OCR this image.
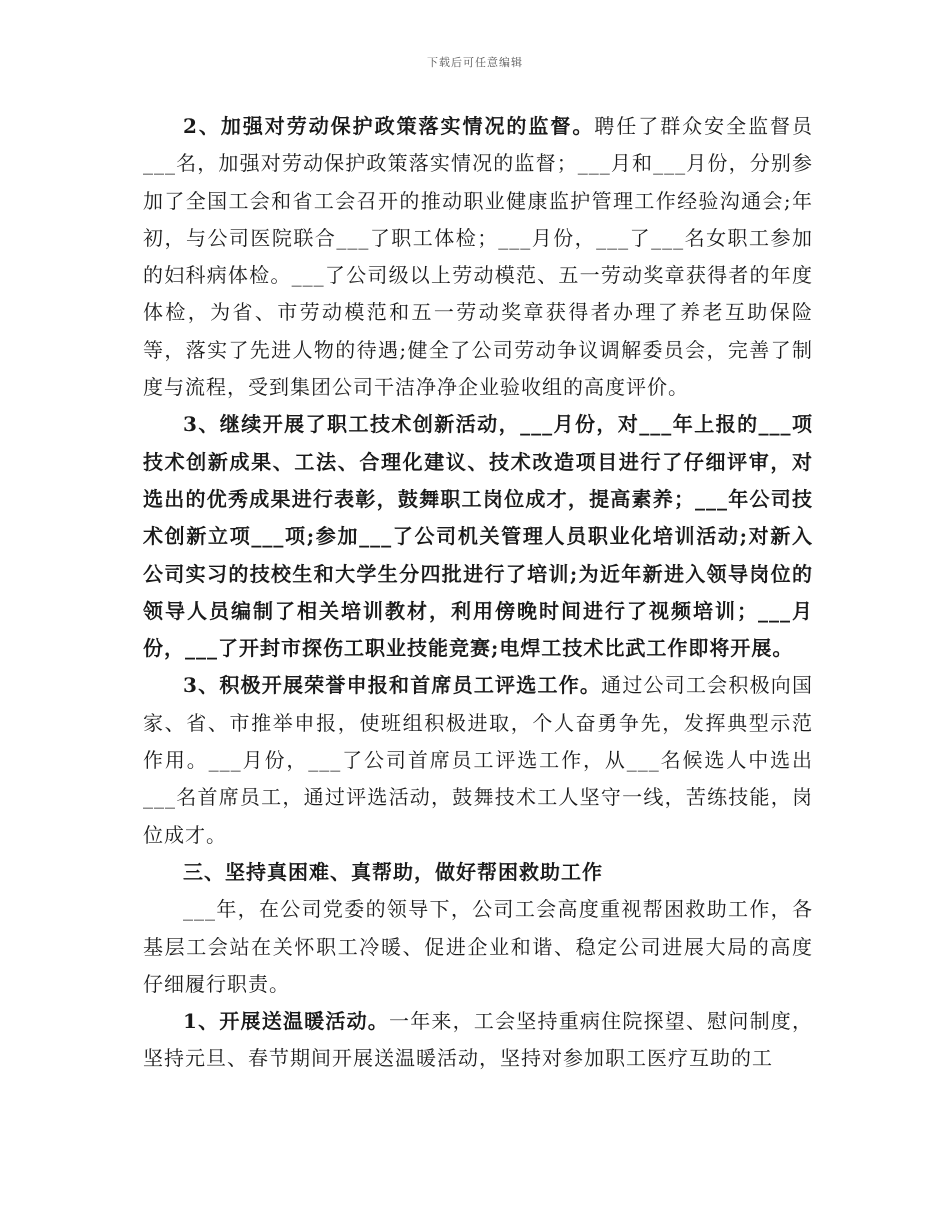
下载后可任意编辑

2、加强对劳动保护政策落实情况的监督。聘任了群众安全监督员___名，加强对劳动保护政策落实情况的监督；___月和___月份，分别参加了全国工会和省工会召开的推动职业健康监护管理工作经验沟通会;年初，与公司医院联合___了职工体检；___月份，___了___名女职工参加的妇科病体检。___了公司级以上劳动模范、五一劳动奖章获得者的年度体检，为省、市劳动模范和五一劳动奖章获得者办理了养老互助保险等，落实了先进人物的待遇;健全了公司劳动争议调解委员会，完善了制度与流程，受到集团公司干洁净净企业验收组的高度评价。

3、继续开展了职工技术创新活动，___月份，对___年上报的___项技术创新成果、工法、合理化建议、技术改造项目进行了仔细评审，对选出的优秀成果进行表彰，鼓舞职工岗位成才，提高素养；___年公司技术创新立项___项;参加___了公司机关管理人员职业化培训活动;对新入公司实习的技校生和大学生分四批进行了培训;为近年新进入领导岗位的领导人员编制了相关培训教材，利用傍晚时间进行了视频培训；___月份，___了开封市探伤工职业技能竞赛;电焊工技术比武工作即将开展。

3、积极开展荣誉申报和首席员工评选工作。通过公司工会积极向国家、省、市推举申报，使班组积极进取，个人奋勇争先，发挥典型示范作用。___月份，___了公司首席员工评选工作，从___名候选人中选出___名首席员工，通过评选活动，鼓舞技术工人坚守一线，苦练技能，岗位成才。

三、坚持真困难、真帮助，做好帮困救助工作

___年，在公司党委的领导下，公司工会高度重视帮困救助工作，各基层工会站在关怀职工冷暖、促进企业和谐、稳定公司进展大局的高度仔细履行职责。

1、开展送温暖活动。一年来，工会坚持重病住院探望、慰问制度，坚持元旦、春节期间开展送温暖活动，坚持对参加职工医疗互助的工
